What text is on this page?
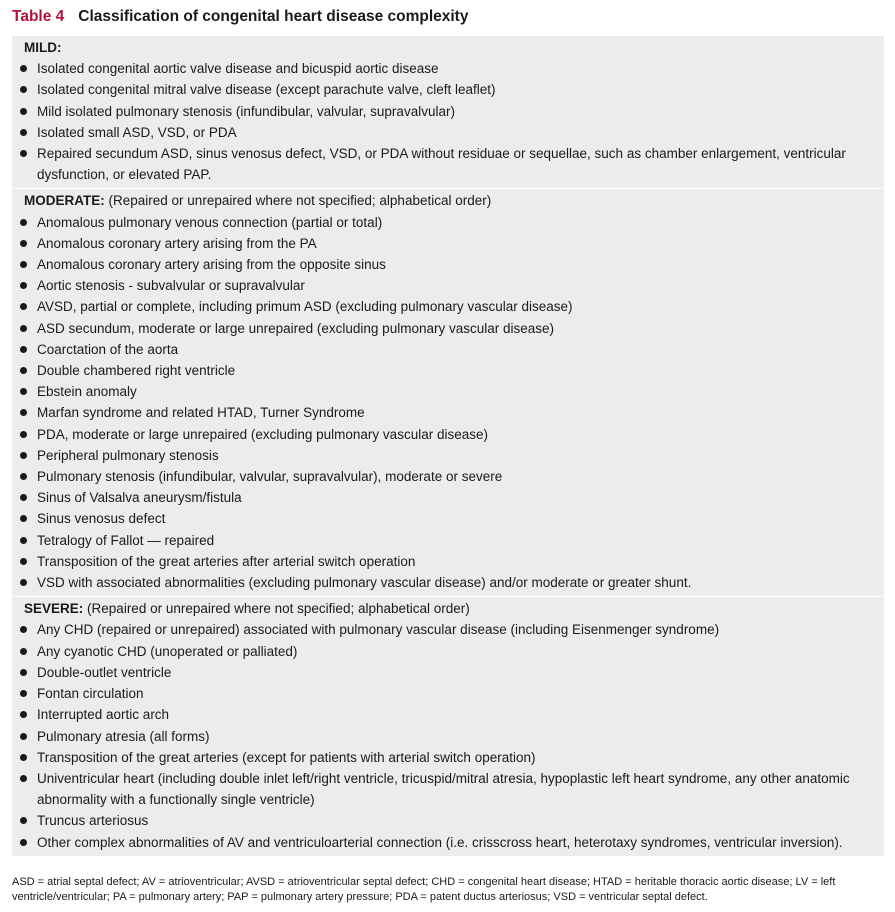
Table 4 Classification of congenital heart disease complexity
MILD:
Isolated congenital aortic valve disease and bicuspid aortic disease
Isolated congenital mitral valve disease (except parachute valve, cleft leaflet)
Mild isolated pulmonary stenosis (infundibular, valvular, supravalvular)
Isolated small ASD, VSD, or PDA
Repaired secundum ASD, sinus venosus defect, VSD, or PDA without residuae or sequellae, such as chamber enlargement, ventricular dysfunction, or elevated PAP.
MODERATE: (Repaired or unrepaired where not specified; alphabetical order)
Anomalous pulmonary venous connection (partial or total)
Anomalous coronary artery arising from the PA
Anomalous coronary artery arising from the opposite sinus
Aortic stenosis - subvalvular or supravalvular
AVSD, partial or complete, including primum ASD (excluding pulmonary vascular disease)
ASD secundum, moderate or large unrepaired (excluding pulmonary vascular disease)
Coarctation of the aorta
Double chambered right ventricle
Ebstein anomaly
Marfan syndrome and related HTAD, Turner Syndrome
PDA, moderate or large unrepaired (excluding pulmonary vascular disease)
Peripheral pulmonary stenosis
Pulmonary stenosis (infundibular, valvular, supravalvular), moderate or severe
Sinus of Valsalva aneurysm/fistula
Sinus venosus defect
Tetralogy of Fallot — repaired
Transposition of the great arteries after arterial switch operation
VSD with associated abnormalities (excluding pulmonary vascular disease) and/or moderate or greater shunt.
SEVERE: (Repaired or unrepaired where not specified; alphabetical order)
Any CHD (repaired or unrepaired) associated with pulmonary vascular disease (including Eisenmenger syndrome)
Any cyanotic CHD (unoperated or palliated)
Double-outlet ventricle
Fontan circulation
Interrupted aortic arch
Pulmonary atresia (all forms)
Transposition of the great arteries (except for patients with arterial switch operation)
Univentricular heart (including double inlet left/right ventricle, tricuspid/mitral atresia, hypoplastic left heart syndrome, any other anatomic abnormality with a functionally single ventricle)
Truncus arteriosus
Other complex abnormalities of AV and ventriculoarterial connection (i.e. crisscross heart, heterotaxy syndromes, ventricular inversion).
ASD = atrial septal defect; AV = atrioventricular; AVSD = atrioventricular septal defect; CHD = congenital heart disease; HTAD = heritable thoracic aortic disease; LV = left ventricle/ventricular; PA = pulmonary artery; PAP = pulmonary artery pressure; PDA = patent ductus arteriosus; VSD = ventricular septal defect.
